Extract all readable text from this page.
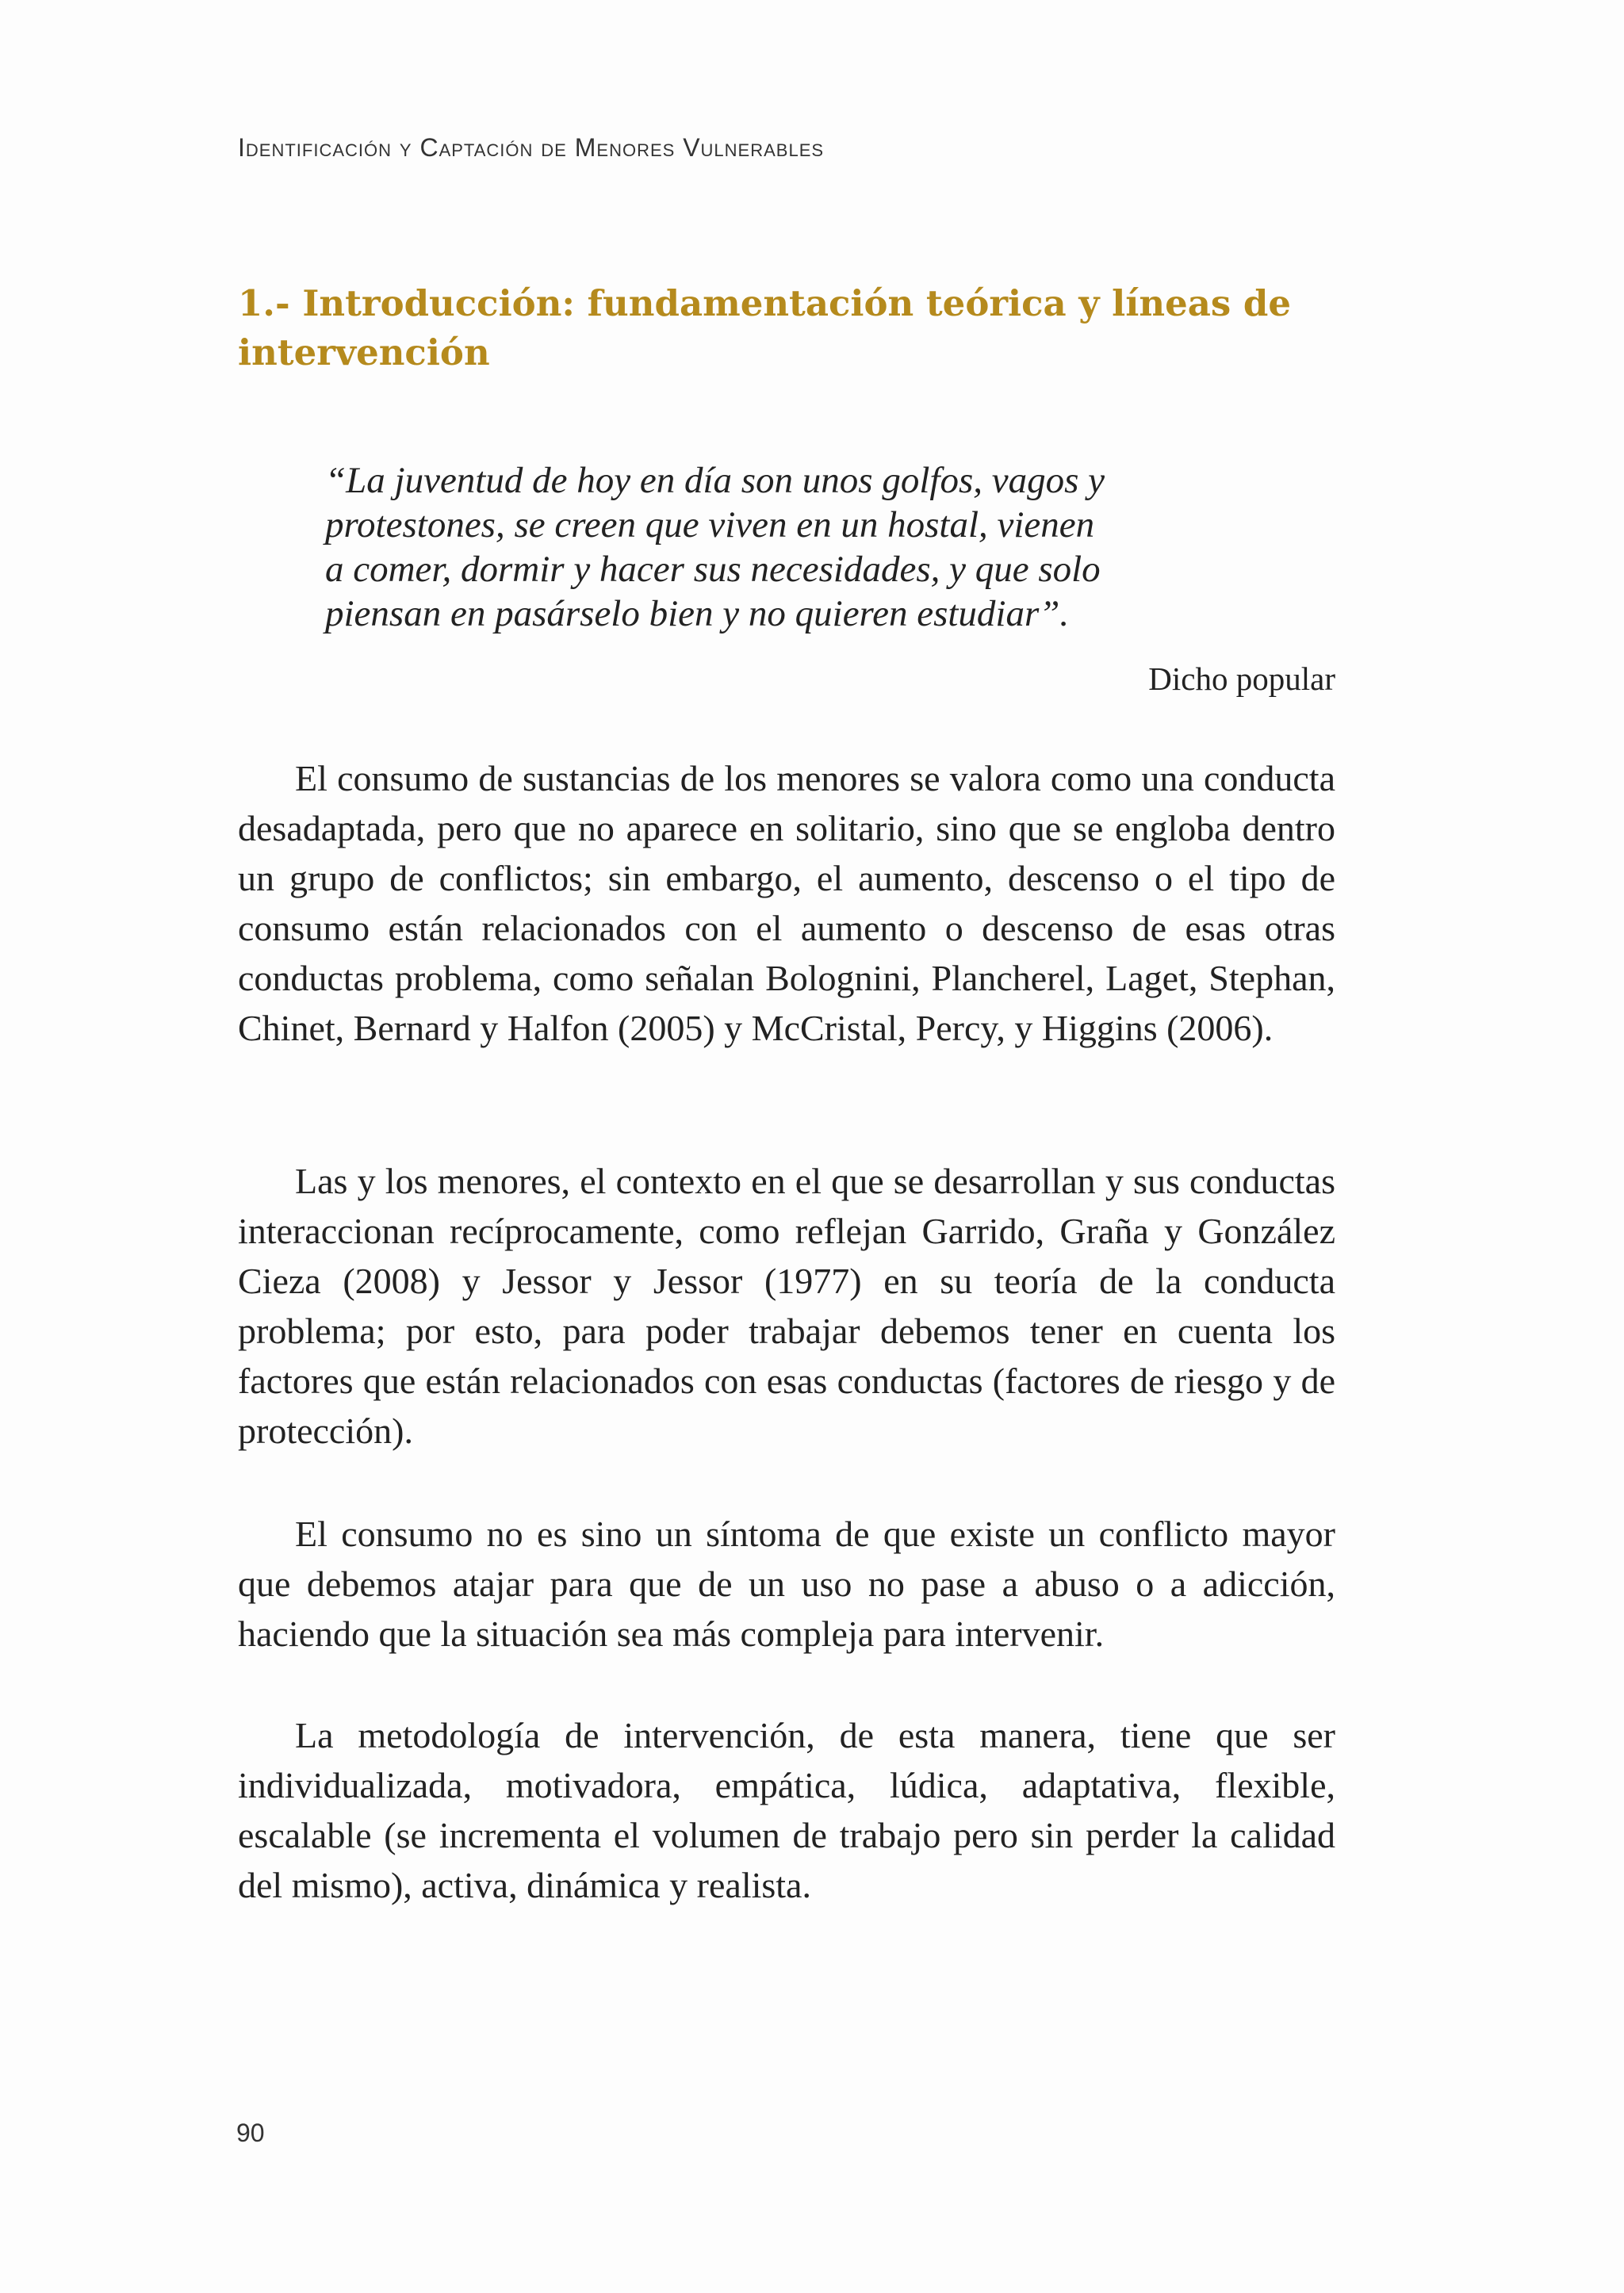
Identificación y Captación de Menores Vulnerables
1.- Introducción: fundamentación teórica y líneas de
intervención
“La juventud de hoy en día son unos golfos, vagos y
protestones, se creen que viven en un hostal, vienen
a comer, dormir y hacer sus necesidades, y que solo
piensan en pasárselo bien y no quieren estudiar”.
Dicho popular

El consumo de sustancias de los menores se valora como una conducta desadaptada, pero que no aparece en solitario, sino que se engloba dentro un grupo de conflictos; sin embargo, el aumento, descenso o el tipo de consumo están relacionados con el aumento o descenso de esas otras conductas problema, como señalan Bolognini, Plancherel, Laget, Stephan, Chinet, Bernard y Halfon (2005) y McCristal, Percy, y Higgins (2006).

Las y los menores, el contexto en el que se desarrollan y sus conductas interaccionan recíprocamente, como reflejan Garrido, Graña y González Cieza (2008) y Jessor y Jessor (1977) en su teoría de la conducta problema; por esto, para poder trabajar debemos tener en cuenta los factores que están relacionados con esas conductas (factores de riesgo y de protección).

El consumo no es sino un síntoma de que existe un conflicto mayor que debemos atajar para que de un uso no pase a abuso o a adicción, haciendo que la situación sea más compleja para intervenir.

La metodología de intervención, de esta manera, tiene que ser individualizada, motivadora, empática, lúdica, adaptativa, flexible, escalable (se incrementa el volumen de trabajo pero sin perder la calidad del mismo), activa, dinámica y realista.

90
